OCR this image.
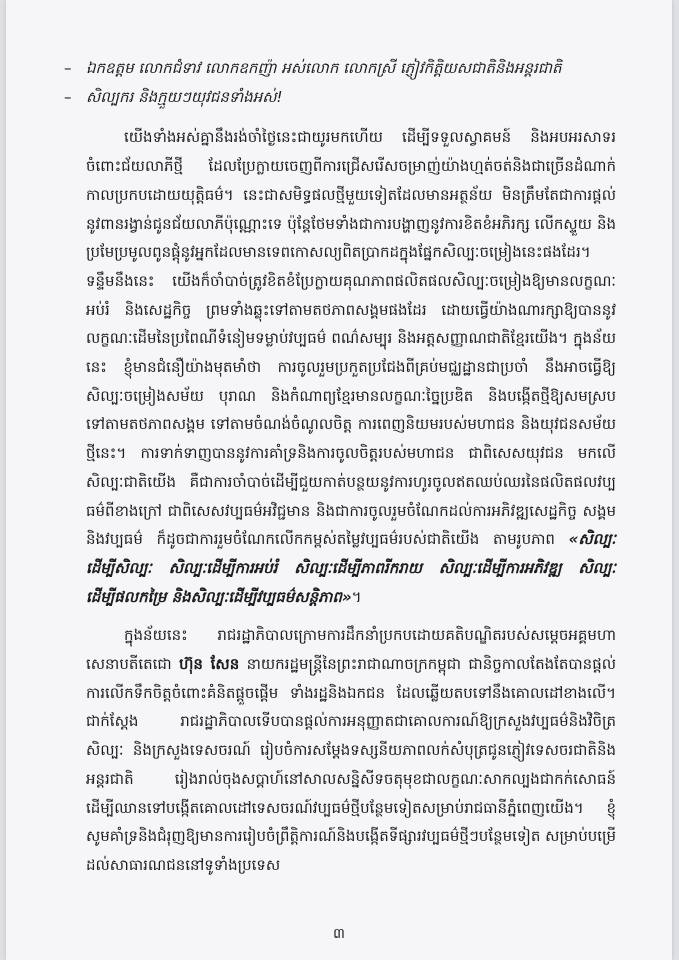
– ឯកឧត្តម លោកជំទាវ លោកឧកញ៉ា អស់លោក លោកស្រី ភ្ញៀវកិត្តិយសជាតិនិងអន្តរជាតិ

– សិល្បករ និងក្មួយៗយុវជនទាំងអស់!

យើងទាំងអស់គ្នានឹងរង់ចាំថ្ងៃនេះជាយូរមកហើយ ដើម្បីទទួលស្វាគមន៍ និងអបអរសាទរចំពោះជ័យលាភីថ្មី ដែលប្រែក្លាយចេញពីការជ្រើសរើសចម្រាញ់យ៉ាងហ្មត់ចត់និងជាច្រើនដំណាក់កាលប្រកបដោយយុត្តិធម៌។ នេះជាសមិទ្ធផលថ្មីមួយទៀតដែលមានអត្ថន័យ មិនត្រឹមតែជាការផ្តល់នូវពានរង្វាន់ជូនជ័យលាភីប៉ុណ្ណោះទេ ប៉ុន្តែថែមទាំងជាការបង្ហាញនូវការខិតខំអភិរក្ស លើកស្ទួយ និងប្រមែប្រមូលពូនផ្តុំនូវអ្នកដែលមានទេពកោសល្យពិតប្រាកដក្នុងផ្នែកសិល្បៈចម្រៀងនេះផងដែរ។ ទន្ទឹមនឹងនេះ យើងក៏ចាំបាច់ត្រូវខិតខំប្រែក្លាយគុណភាពផលិតផលសិល្បៈចម្រៀងឱ្យមានលក្ខណៈអប់រំ និងសេដ្ឋកិច្ច ព្រមទាំងឆ្លុះទៅតាមតថភាពសង្គមផងដែរ ដោយធ្វើយ៉ាងណារក្សាឱ្យបាននូវលក្ខណៈដើមនៃប្រពៃណីទំនៀមទម្លាប់វប្បធម៌ ពណ៌សម្បុរ និងអត្តសញ្ញាណជាតិខ្មែរយើង។ ក្នុងន័យនេះ ខ្ញុំមានជំនឿយ៉ាងមុតមាំថា ការចូលរួមប្រកួតប្រជែងពីគ្រប់មជ្ឈដ្ឋានជាប្រចាំ នឹងអាចធ្វើឱ្យសិល្បៈចម្រៀងសម័យ បុរាណ និងកំណាព្យខ្មែរមានលក្ខណៈច្នៃប្រឌិត និងបង្កើតថ្មីឱ្យសមស្របទៅតាមតថភាពសង្គម ទៅតាមចំណង់ចំណូលចិត្ត ការពេញនិយមរបស់មហាជន និងយុវជនសម័យថ្មីនេះ។ ការទាក់ទាញបាននូវការគាំទ្រនិងការចូលចិត្តរបស់មហាជន ជាពិសេសយុវជន មកលើសិល្បៈជាតិយើង គឺជាការចាំបាច់ដើម្បីជួយកាត់បន្ថយនូវការហូរចូលឥតឈប់ឈរនៃផលិតផលវប្បធម៌ពីខាងក្រៅ ជាពិសេសវប្បធម៌អវិជ្ជមាន និងជាការចូលរួមចំណែកដល់ការអភិវឌ្ឍសេដ្ឋកិច្ច សង្គម និងវប្បធម៌ ក៏ដូចជាការរួមចំណែកលើកកម្ពស់តម្លៃវប្បធម៌របស់ជាតិយើង តាមរូបភាព «សិល្បៈដើម្បីសិល្បៈ សិល្បៈដើម្បីការអប់រំ សិល្បៈដើម្បីភាពរីករាយ សិល្បៈដើម្បីការអភិវឌ្ឍ សិល្បៈដើម្បីផលកម្រៃ និងសិល្បៈដើម្បីវប្បធម៌សន្តិភាព»។

ក្នុងន័យនេះ រាជរដ្ឋាភិបាលក្រោមការដឹកនាំប្រកបដោយគតិបណ្ឌិតរបស់សម្តេចអគ្គមហាសេនាបតីតេជោ ហ៊ុន សែន នាយករដ្ឋមន្ត្រីនៃព្រះរាជាណាចក្រកម្ពុជា ជានិច្ចកាលតែងតែបានផ្តល់ការលើកទឹកចិត្តចំពោះគំនិតផ្តួចផ្តើម ទាំងរដ្ឋនិងឯកជន ដែលឆ្លើយតបទៅនឹងគោលដៅខាងលើ។ ជាក់ស្តែង រាជរដ្ឋាភិបាលទើបបានផ្តល់ការអនុញ្ញាតជាគោលការណ៍ឱ្យក្រសួងវប្បធម៌និងវិចិត្រសិល្បៈ និងក្រសួងទេសចរណ៍ រៀបចំការសម្តែងទស្សនីយភាពលក់សំបុត្រជូនភ្ញៀវទេសចរជាតិនិងអន្តរជាតិ រៀងរាល់ចុងសប្តាហ៍នៅសាលសន្និសីទចតុមុខជាលក្ខណៈសាកល្បងជាកក់សោធន៍ ដើម្បីឈានទៅបង្កើតគោលដៅទេសចរណ៍វប្បធម៌ថ្មីបន្ថែមទៀតសម្រាប់រាជធានីភ្នំពេញយើង។ ខ្ញុំសូមគាំទ្រនិងជំរុញឱ្យមានការរៀបចំព្រឹត្តិការណ៍និងបង្កើតទីផ្សារវប្បធម៌ថ្មីៗបន្ថែមទៀត សម្រាប់បម្រើដល់សាធារណជននៅទូទាំងប្រទេស

៣
